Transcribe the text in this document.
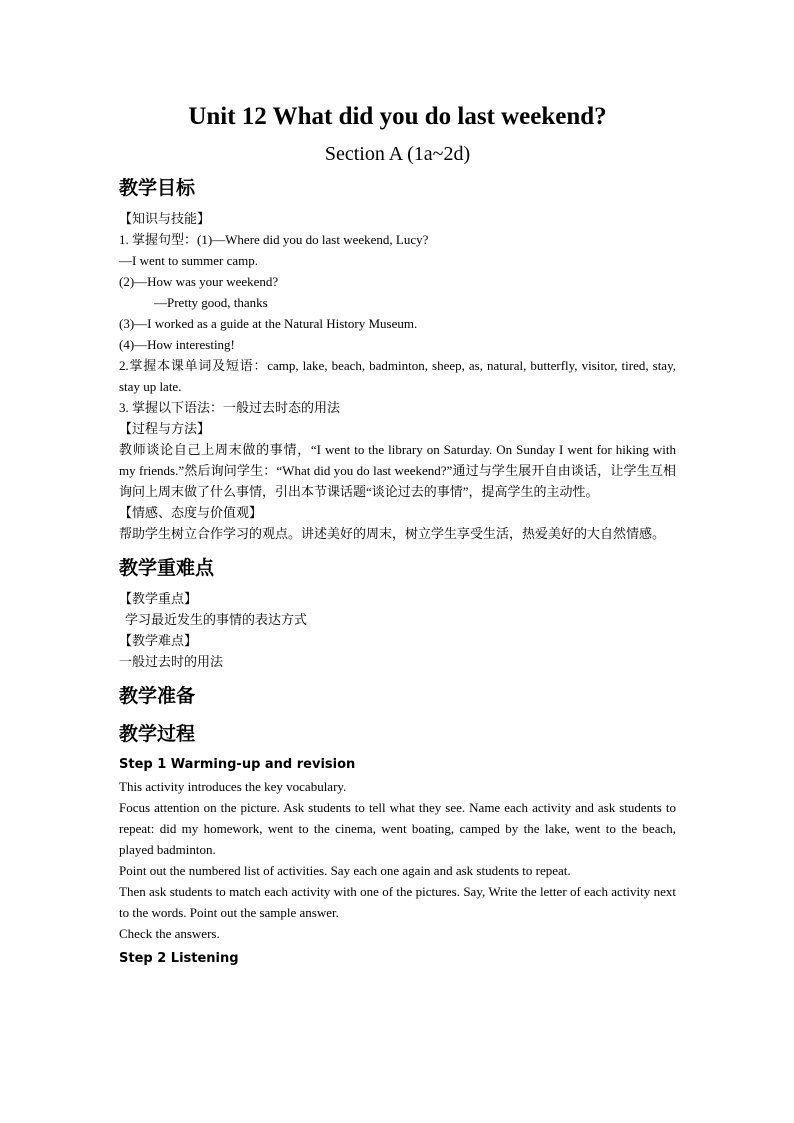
Unit 12 What did you do last weekend?
Section A (1a~2d)
教学目标

【知识与技能】

1. 掌握句型：(1)—Where did you do last weekend, Lucy?

—I went to summer camp.

(2)—How was your weekend?

—Pretty good, thanks

(3)—I worked as a guide at the Natural History Museum.

(4)—How interesting!

2.掌握本课单词及短语：camp, lake, beach, badminton, sheep, as, natural, butterfly, visitor, tired, stay, stay up late.

3. 掌握以下语法：一般过去时态的用法

【过程与方法】

教师谈论自己上周末做的事情，“I went to the library on Saturday. On Sunday I went for hiking with my friends.”然后询问学生：“What did you do last weekend?”通过与学生展开自由谈话，让学生互相询问上周末做了什么事情，引出本节课话题“谈论过去的事情”，提高学生的主动性。

【情感、态度与价值观】

帮助学生树立合作学习的观点。讲述美好的周末，树立学生享受生活，热爱美好的大自然情感。

教学重难点

【教学重点】

学习最近发生的事情的表达方式

【教学难点】

一般过去时的用法

教学准备
教学过程
Step 1 Warming-up and revision

This activity introduces the key vocabulary.

Focus attention on the picture. Ask students to tell what they see. Name each activity and ask students to repeat: did my homework, went to the cinema, went boating, camped by the lake, went to the beach, played badminton.

Point out the numbered list of activities. Say each one again and ask students to repeat.

Then ask students to match each activity with one of the pictures. Say, Write the letter of each activity next to the words. Point out the sample answer.

Check the answers.

Step 2 Listening
